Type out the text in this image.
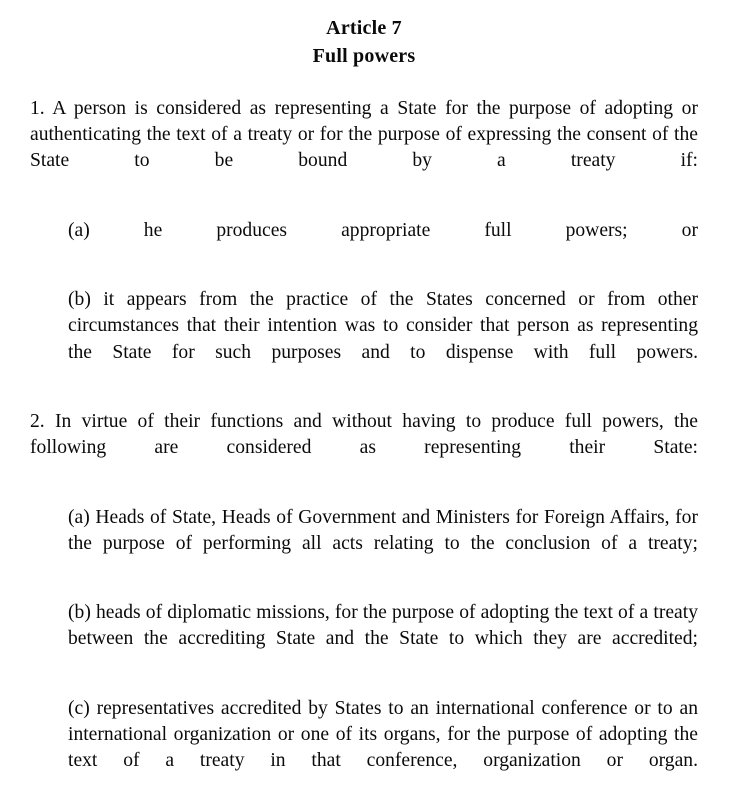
Article 7
Full powers

1. A person is considered as representing a State for the purpose of adopting or authenticating the text of a treaty or for the purpose of expressing the consent of the State to be bound by a treaty if:

(a) he produces appropriate full powers; or

(b) it appears from the practice of the States concerned or from other circumstances that their intention was to consider that person as representing the State for such purposes and to dispense with full powers.

2. In virtue of their functions and without having to produce full powers, the following are considered as representing their State:

(a) Heads of State, Heads of Government and Ministers for Foreign Affairs, for the purpose of performing all acts relating to the conclusion of a treaty;

(b) heads of diplomatic missions, for the purpose of adopting the text of a treaty between the accrediting State and the State to which they are accredited;

(c) representatives accredited by States to an international conference or to an international organization or one of its organs, for the purpose of adopting the text of a treaty in that conference, organization or organ.
